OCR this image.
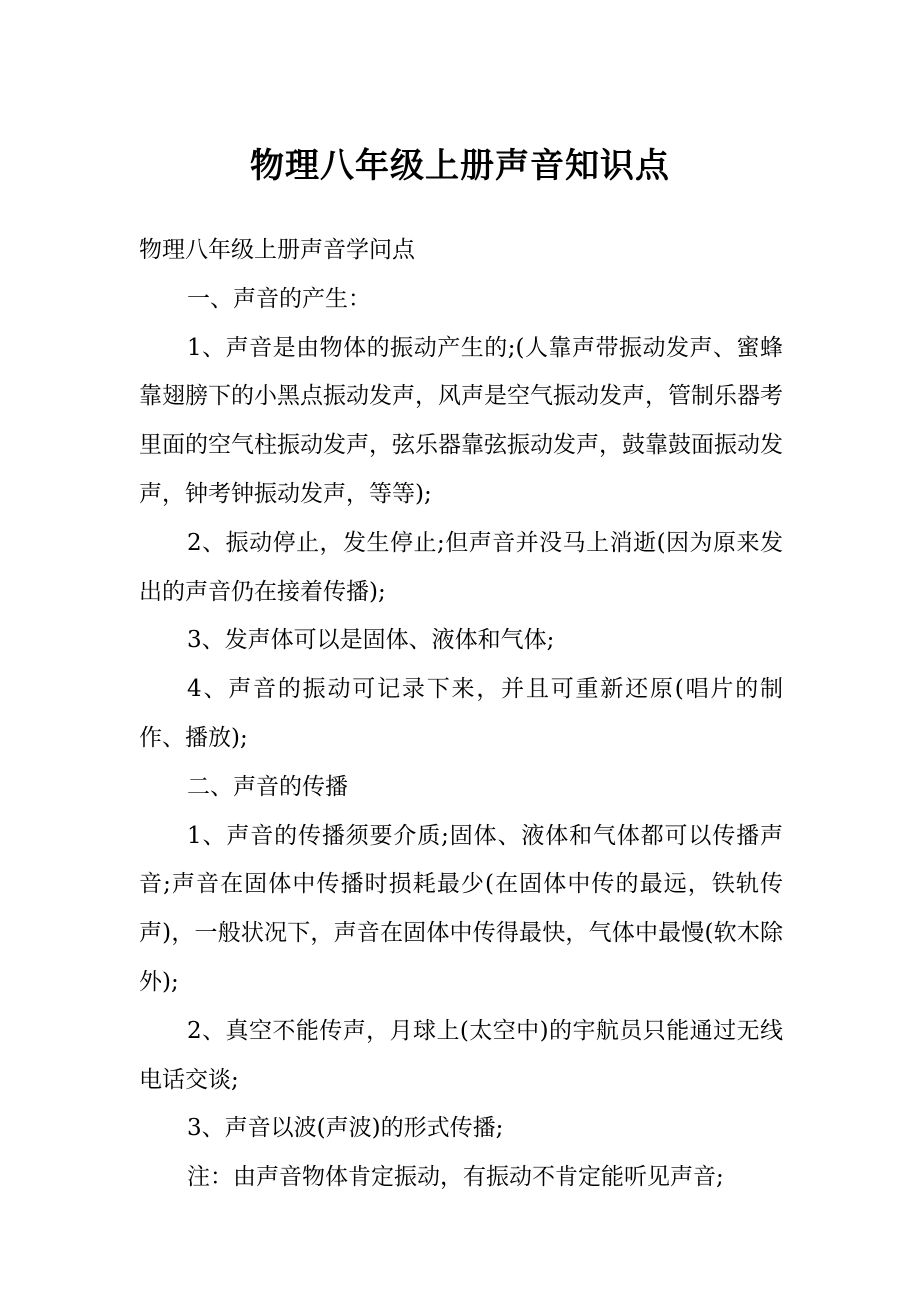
物理八年级上册声音知识点

物理八年级上册声音学问点

一、声音的产生：

1、声音是由物体的振动产生的;(人靠声带振动发声、蜜蜂靠翅膀下的小黑点振动发声，风声是空气振动发声，管制乐器考里面的空气柱振动发声，弦乐器靠弦振动发声，鼓靠鼓面振动发声，钟考钟振动发声，等等);

2、振动停止，发生停止;但声音并没马上消逝(因为原来发出的声音仍在接着传播);

3、发声体可以是固体、液体和气体;

4、声音的振动可记录下来，并且可重新还原(唱片的制作、播放);

二、声音的传播

1、声音的传播须要介质;固体、液体和气体都可以传播声音;声音在固体中传播时损耗最少(在固体中传的最远，铁轨传声)，一般状况下，声音在固体中传得最快，气体中最慢(软木除外);

2、真空不能传声，月球上(太空中)的宇航员只能通过无线电话交谈;

3、声音以波(声波)的形式传播;

注：由声音物体肯定振动，有振动不肯定能听见声音;
